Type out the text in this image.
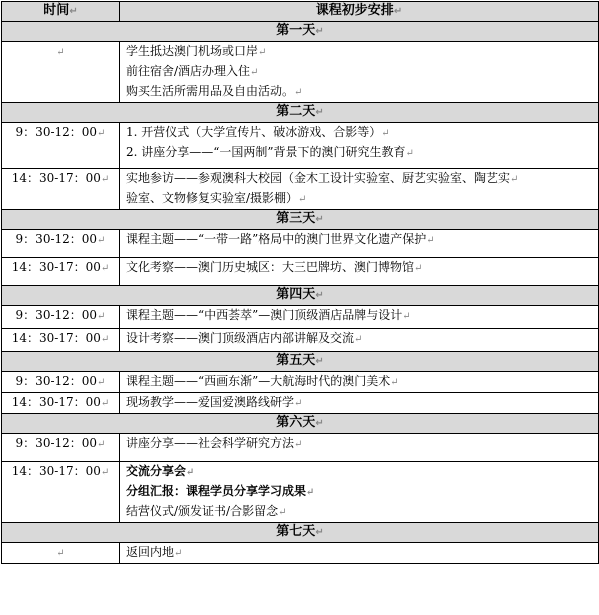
时间↵	课程初步安排↵
第一天↵	
↵	学生抵达澳门机场或口岸↵
前往宿舍/酒店办理入住↵
购买生活所需用品及自由活动。↵

第二天↵	
9：30-12：00↵	1. 开营仪式（大学宣传片、破冰游戏、合影等）↵
2. 讲座分享——“一国两制”背景下的澳门研究生教育↵

14：30-17：00↵	实地参访——参观澳科大校园（金木工设计实验室、厨艺实验室、陶艺实↵
验室、文物修复实验室/摄影棚）↵

第三天↵	
9：30-12：00↵	课程主题——“一带一路”格局中的澳门世界文化遗产保护↵

14：30-17：00↵	文化考察——澳门历史城区：大三巴牌坊、澳门博物馆↵

第四天↵	
9：30-12：00↵	课程主题——“中西荟萃”—澳门顶级酒店品牌与设计↵

14：30-17：00↵	设计考察——澳门顶级酒店内部讲解及交流↵

第五天↵	
9：30-12：00↵	课程主题——“西画东渐”—大航海时代的澳门美术↵

14：30-17：00↵	现场教学——爱国爱澳路线研学↵

第六天↵	
9：30-12：00↵	讲座分享——社会科学研究方法↵

14：30-17：00↵	交流分享会↵
分组汇报：课程学员分享学习成果↵
结营仪式/颁发证书/合影留念↵

第七天↵	
↵	返回内地↵
